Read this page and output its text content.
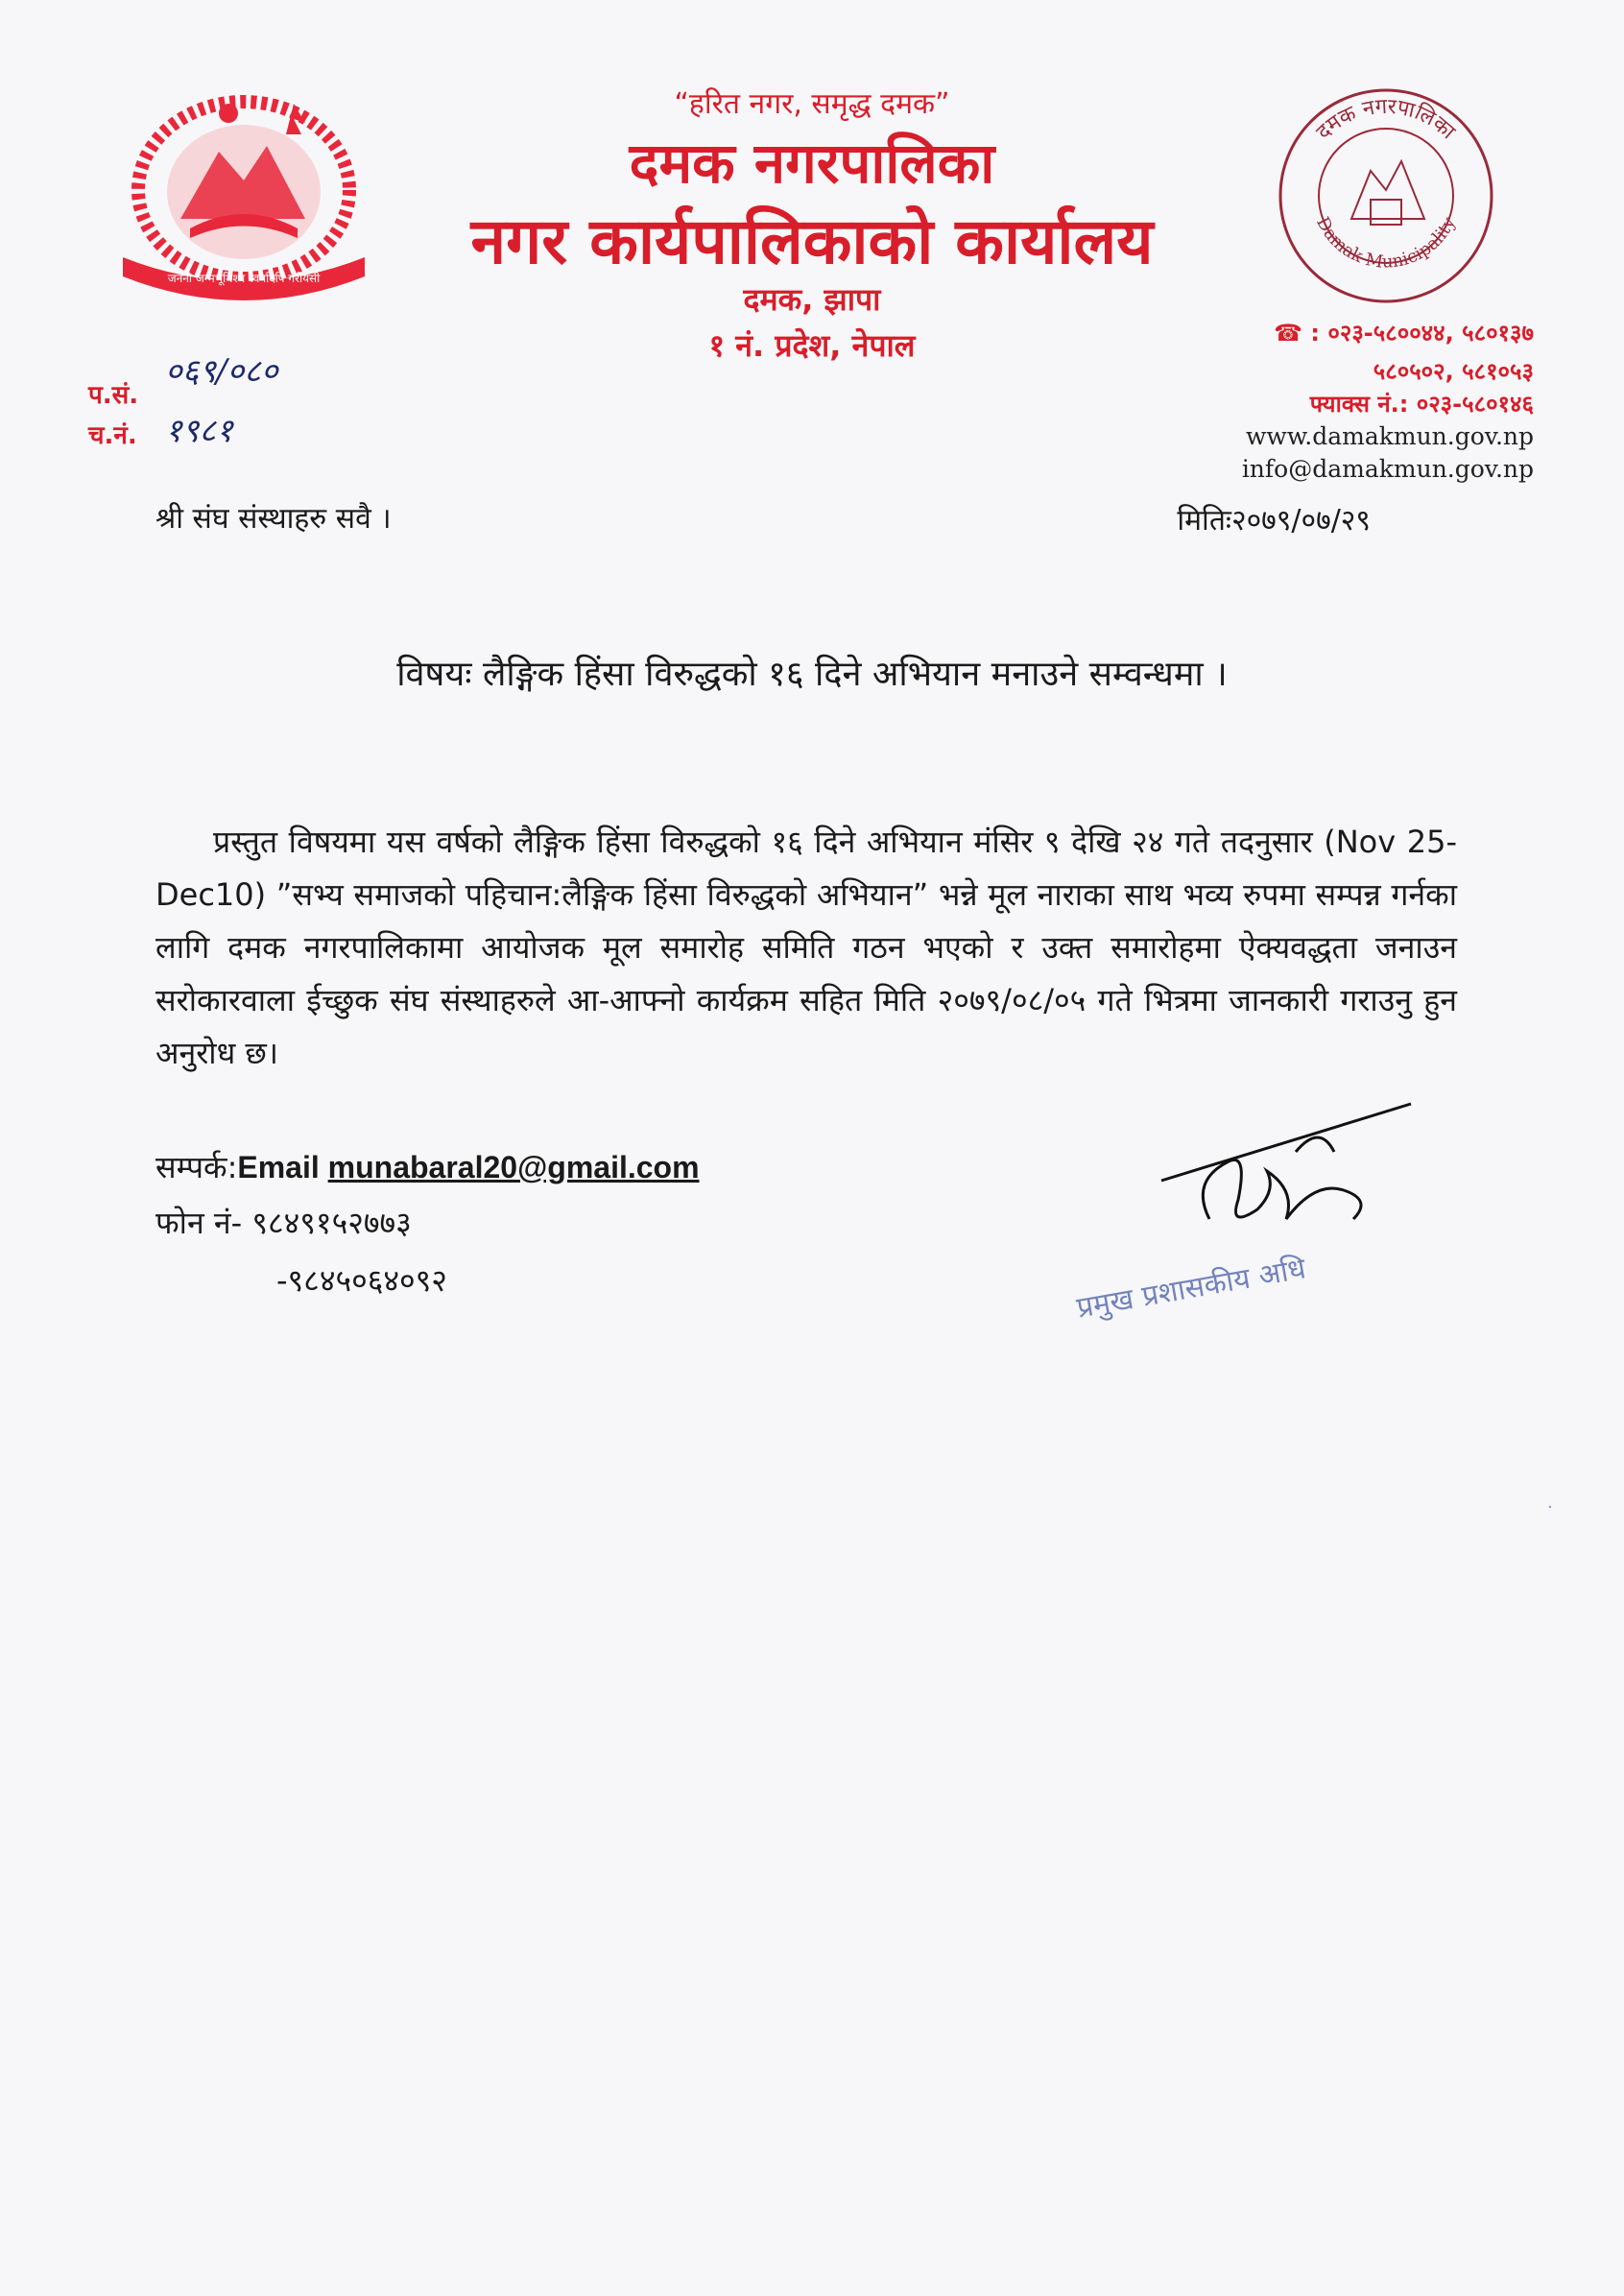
जननी जन्मभूमिश्च स्वर्गादपि गरीयसी
दमक नगरपालिका
Damak Municipality
“हरित नगर, समृद्ध दमक”
दमक नगरपालिका
नगर कार्यपालिकाको कार्यालय
दमक, झापा
१ नं. प्रदेश, नेपाल	☎ : ०२३-५८००४४, ५८०१३७
५८०५०२, ५८१०५३
फ्याक्स नं.: ०२३-५८०१४६
www.damakmun.gov.np
info@damakmun.gov.np
प.सं.
०६९/०८०
च.नं. १९८१
श्री संघ संस्थाहरु सवै ।	मितिः२०७९/०७/२९
विषयः लैङ्गिक हिंसा विरुद्धको १६ दिने अभियान मनाउने सम्वन्धमा ।
प्रस्तुत विषयमा यस वर्षको लैङ्गिक हिंसा विरुद्धको १६ दिने अभियान मंसिर ९ देखि २४ गते तदनुसार (Nov 25-Dec10) ”सभ्य समाजको पहिचान:लैङ्गिक हिंसा विरुद्धको अभियान” भन्ने मूल नाराका साथ भव्य रुपमा सम्पन्न गर्नका लागि दमक नगरपालिकामा आयोजक मूल समारोह समिति गठन भएको र उक्त समारोहमा ऐक्यवद्धता जनाउन सरोकारवाला ईच्छुक संघ संस्थाहरुले आ-आफ्नो कार्यक्रम सहित मिति २०७९/०८/०५ गते भित्रमा जानकारी गराउनु हुन अनुरोध छ।
सम्पर्क:Email munabaral20@gmail.com
फोन नं- ९८४९१५२७७३
-९८४५०६४०९२	प्रमुख प्रशासकीय अधि
·
